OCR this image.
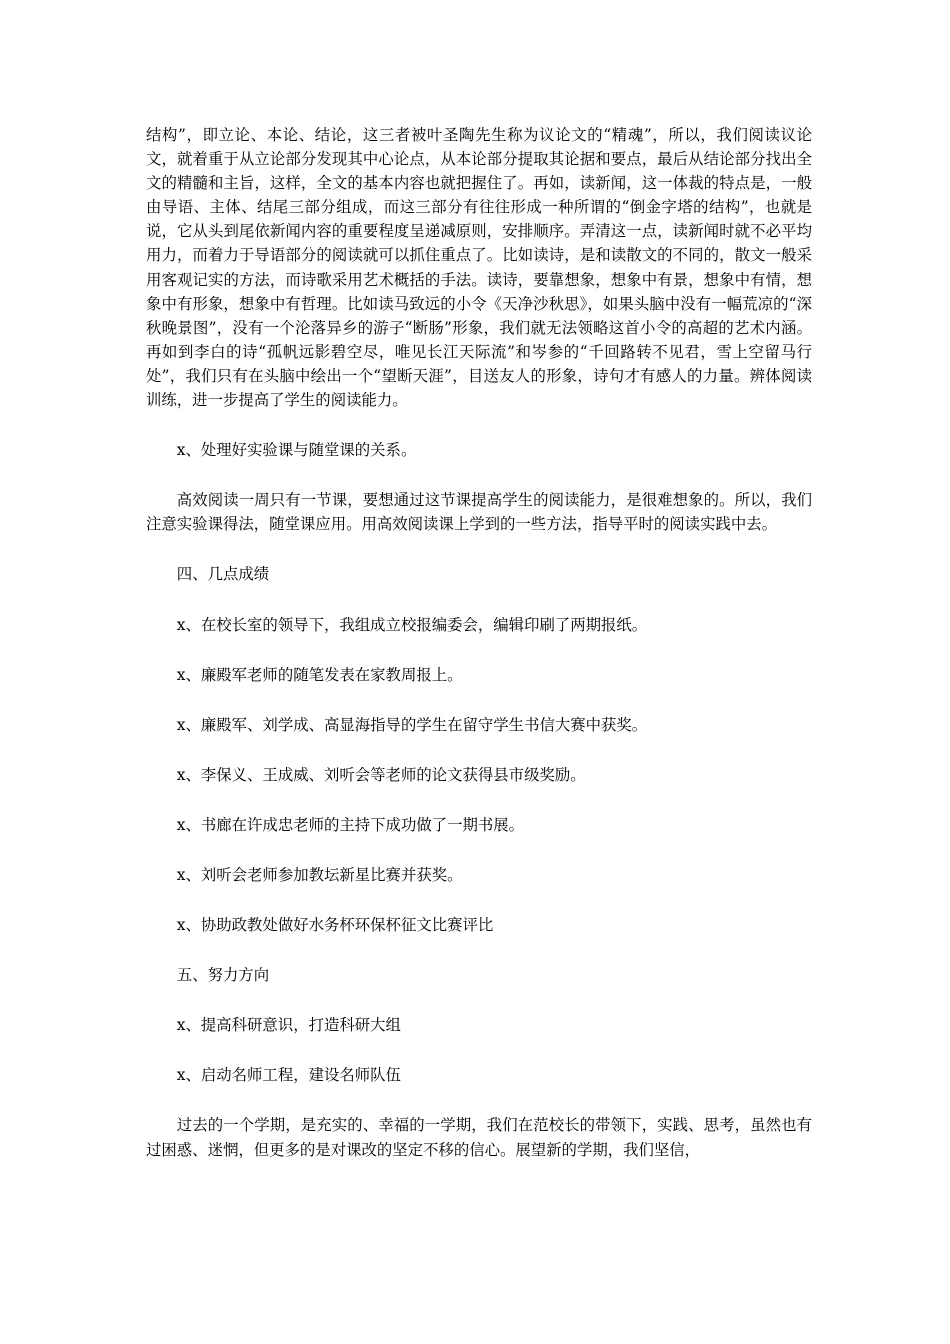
结构”，即立论、本论、结论，这三者被叶圣陶先生称为议论文的“精魂”，所以，我们阅读议论文，就着重于从立论部分发现其中心论点，从本论部分提取其论据和要点，最后从结论部分找出全文的精髓和主旨，这样，全文的基本内容也就把握住了。再如，读新闻，这一体裁的特点是，一般由导语、主体、结尾三部分组成，而这三部分有往往形成一种所谓的“倒金字塔的结构”，也就是说，它从头到尾依新闻内容的重要程度呈递减原则，安排顺序。弄清这一点，读新闻时就不必平均用力，而着力于导语部分的阅读就可以抓住重点了。比如读诗，是和读散文的不同的，散文一般采用客观记实的方法，而诗歌采用艺术概括的手法。读诗，要靠想象，想象中有景，想象中有情，想象中有形象，想象中有哲理。比如读马致远的小令《天净沙秋思》，如果头脑中没有一幅荒凉的“深秋晚景图”，没有一个沦落异乡的游子“断肠”形象，我们就无法领略这首小令的高超的艺术内涵。再如到李白的诗“孤帆远影碧空尽，唯见长江天际流”和岑参的“千回路转不见君，雪上空留马行处”，我们只有在头脑中绘出一个“望断天涯”，目送友人的形象，诗句才有感人的力量。辨体阅读训练，进一步提高了学生的阅读能力。

x、处理好实验课与随堂课的关系。

高效阅读一周只有一节课，要想通过这节课提高学生的阅读能力，是很难想象的。所以，我们注意实验课得法，随堂课应用。用高效阅读课上学到的一些方法，指导平时的阅读实践中去。

四、几点成绩

x、在校长室的领导下，我组成立校报编委会，编辑印刷了两期报纸。

x、廉殿军老师的随笔发表在家教周报上。

x、廉殿军、刘学成、高显海指导的学生在留守学生书信大赛中获奖。

x、李保义、王成威、刘听会等老师的论文获得县市级奖励。

x、书廊在许成忠老师的主持下成功做了一期书展。

x、刘听会老师参加教坛新星比赛并获奖。

x、协助政教处做好水务杯环保杯征文比赛评比

五、努力方向

x、提高科研意识，打造科研大组

x、启动名师工程，建设名师队伍

过去的一个学期，是充实的、幸福的一学期，我们在范校长的带领下，实践、思考，虽然也有过困惑、迷惘，但更多的是对课改的坚定不移的信心。展望新的学期，我们坚信，
